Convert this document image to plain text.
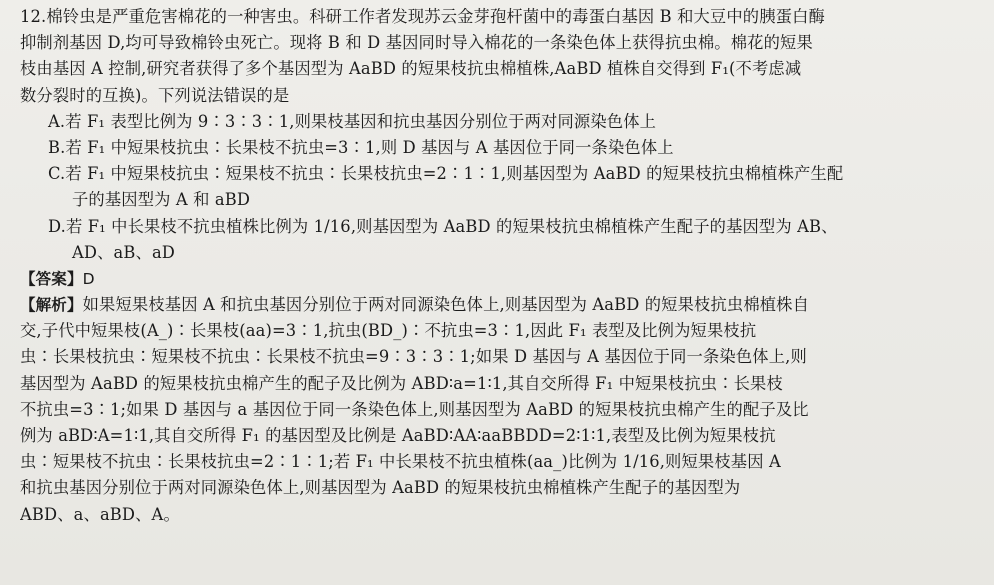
12.棉铃虫是严重危害棉花的一种害虫。科研工作者发现苏云金芽孢杆菌中的毒蛋白基因 B 和大豆中的胰蛋白酶
抑制剂基因 D,均可导致棉铃虫死亡。现将 B 和 D 基因同时导入棉花的一条染色体上获得抗虫棉。棉花的短果
枝由基因 A 控制,研究者获得了多个基因型为 AaBD 的短果枝抗虫棉植株,AaBD 植株自交得到 F₁(不考虑减
数分裂时的互换)。下列说法错误的是
A.若 F₁ 表型比例为 9∶3∶3∶1,则果枝基因和抗虫基因分别位于两对同源染色体上
B.若 F₁ 中短果枝抗虫∶长果枝不抗虫=3∶1,则 D 基因与 A 基因位于同一条染色体上
C.若 F₁ 中短果枝抗虫∶短果枝不抗虫∶长果枝抗虫=2∶1∶1,则基因型为 AaBD 的短果枝抗虫棉植株产生配
子的基因型为 A 和 aBD
D.若 F₁ 中长果枝不抗虫植株比例为 1/16,则基因型为 AaBD 的短果枝抗虫棉植株产生配子的基因型为 AB、
AD、aB、aD
【答案】D
【解析】如果短果枝基因 A 和抗虫基因分别位于两对同源染色体上,则基因型为 AaBD 的短果枝抗虫棉植株自
交,子代中短果枝(A_)∶长果枝(aa)=3∶1,抗虫(BD_)∶不抗虫=3∶1,因此 F₁ 表型及比例为短果枝抗
虫∶长果枝抗虫∶短果枝不抗虫∶长果枝不抗虫=9∶3∶3∶1;如果 D 基因与 A 基因位于同一条染色体上,则
基因型为 AaBD 的短果枝抗虫棉产生的配子及比例为 ABD∶a=1∶1,其自交所得 F₁ 中短果枝抗虫∶长果枝
不抗虫=3∶1;如果 D 基因与 a 基因位于同一条染色体上,则基因型为 AaBD 的短果枝抗虫棉产生的配子及比
例为 aBD∶A=1∶1,其自交所得 F₁ 的基因型及比例是 AaBD∶AA∶aaBBDD=2∶1∶1,表型及比例为短果枝抗
虫∶短果枝不抗虫∶长果枝抗虫=2∶1∶1;若 F₁ 中长果枝不抗虫植株(aa_)比例为 1/16,则短果枝基因 A
和抗虫基因分别位于两对同源染色体上,则基因型为 AaBD 的短果枝抗虫棉植株产生配子的基因型为
ABD、a、aBD、A。
